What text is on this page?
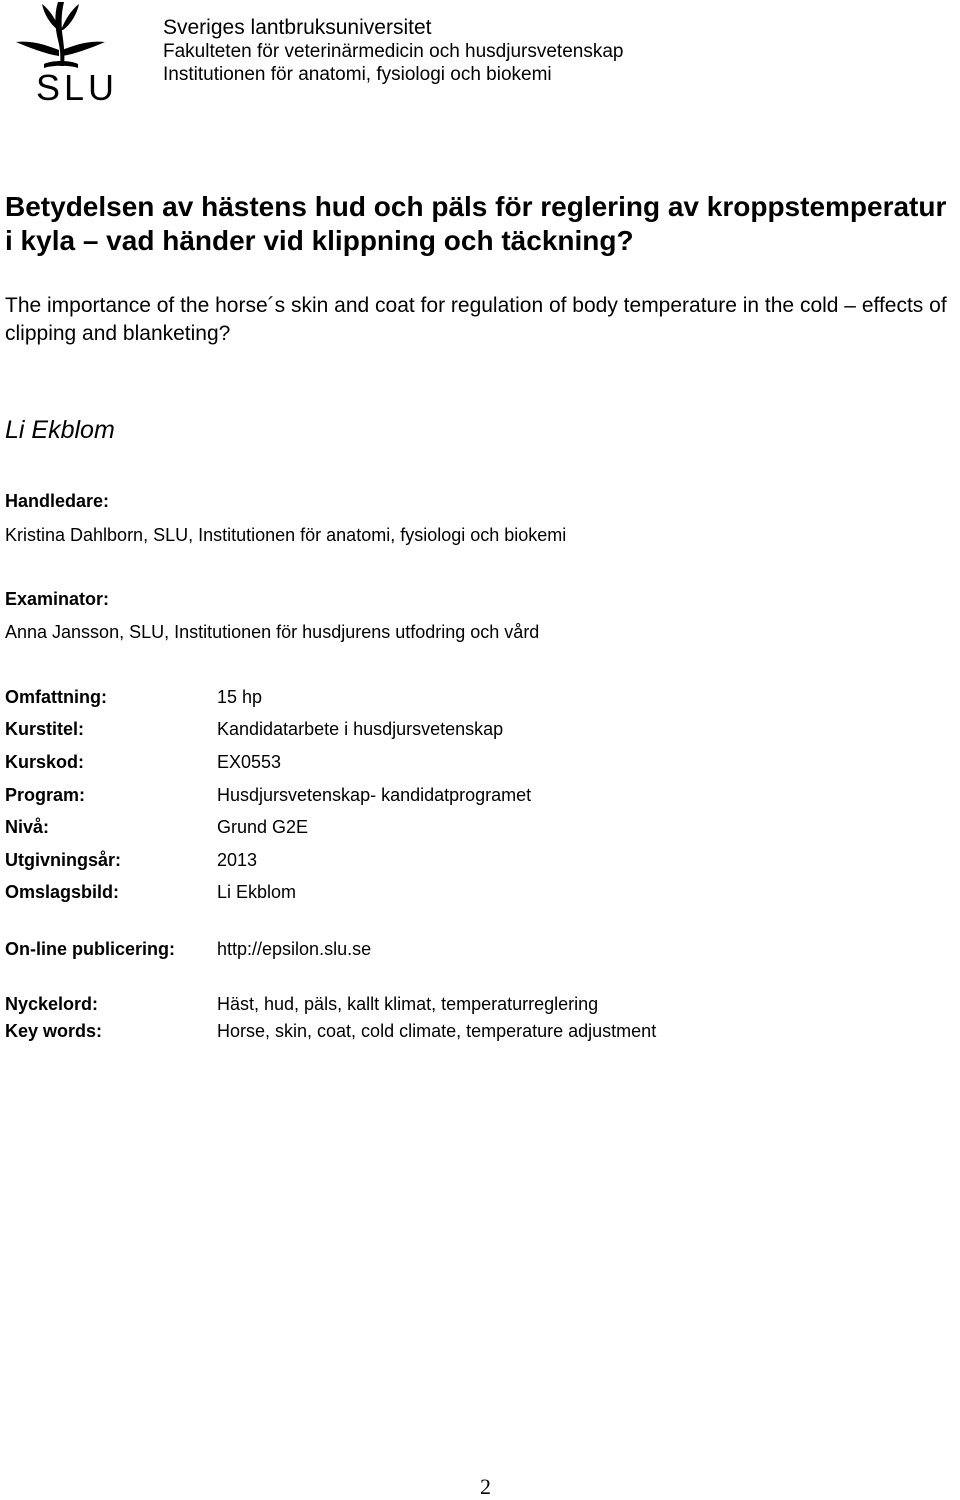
SLU
Sveriges lantbruksuniversitet
Fakulteten för veterinärmedicin och husdjursvetenskap
Institutionen för anatomi, fysiologi och biokemi
Betydelsen av hästens hud och päls för reglering av kroppstemperatur i kyla – vad händer vid klippning och täckning?

The importance of the horse´s skin and coat for regulation of body temperature in the cold – effects of clipping and blanketing?

Li Ekblom
Handledare:
Kristina Dahlborn, SLU, Institutionen för anatomi, fysiologi och biokemi
Examinator:
Anna Jansson, SLU, Institutionen för husdjurens utfodring och vård
Omfattning:	15 hp
Kurstitel:	Kandidatarbete i husdjursvetenskap
Kurskod:	EX0553
Program:	Husdjursvetenskap- kandidatprogramet
Nivå:	Grund G2E
Utgivningsår:	2013
Omslagsbild:	Li Ekblom
On-line publicering: http://epsilon.slu.se
Nyckelord:	Häst, hud, päls, kallt klimat, temperaturreglering
Key words:	Horse, skin, coat, cold climate, temperature adjustment
2
